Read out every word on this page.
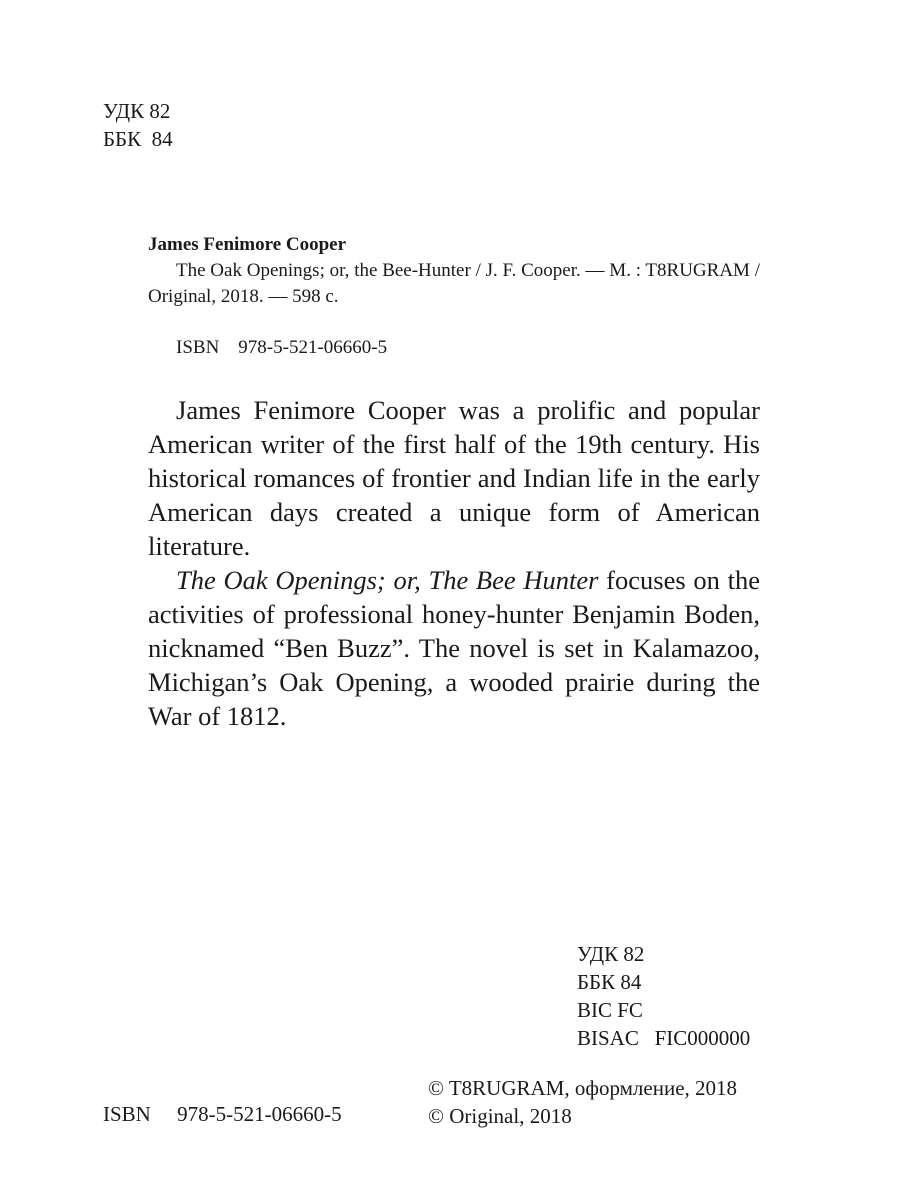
УДК 82
ББК  84
James Fenimore Cooper
The Oak Openings; or, the Bee-Hunter / J. F. Cooper. — M. : T8RUGRAM / Original, 2018. — 598 с.
ISBN    978-5-521-06660-5

James Fenimore Cooper was a prolific and popular American writer of the first half of the 19th century. His historical romances of frontier and Indian life in the early American days created a unique form of American literature.

The Oak Openings; or, The Bee Hunter focuses on the activities of professional honey-hunter Benjamin Boden, nicknamed “Ben Buzz”. The novel is set in Kalamazoo, Michigan’s Oak Opening, a wooded prairie during the War of 1812.

УДК 82
ББК 84
BIC FC
BISAC   FIC000000
© T8RUGRAM, оформление, 2018
© Original, 2018
ISBN     978-5-521-06660-5
